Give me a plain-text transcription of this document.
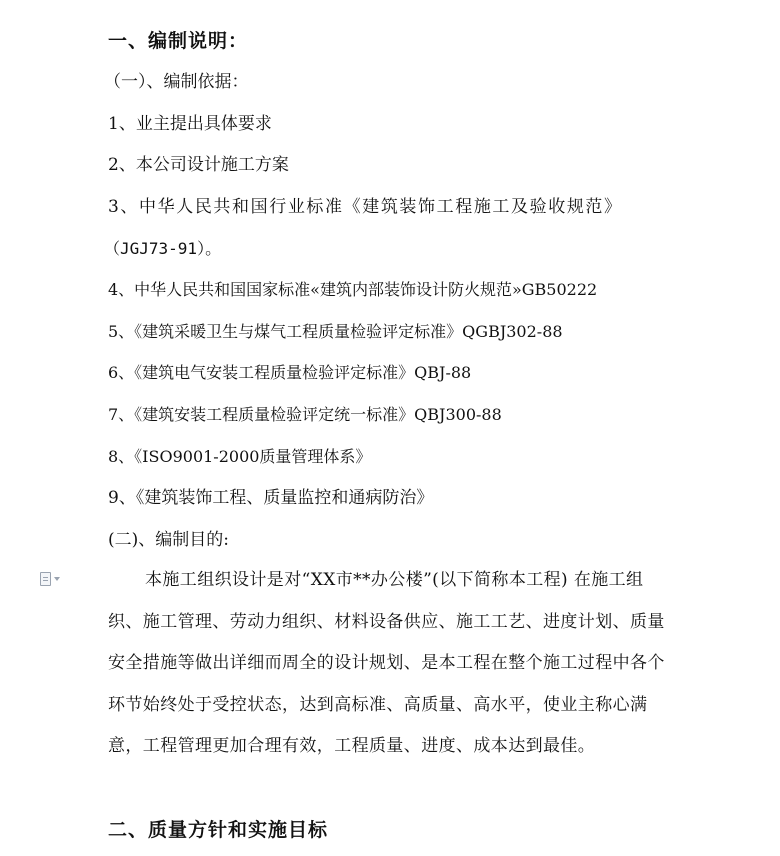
一、编制说明：
（一）、编制依据：
1、业主提出具体要求
2、本公司设计施工方案
3、中华人民共和国行业标准《建筑装饰工程施工及验收规范》
（JGJ73-91）。
4、中华人民共和国国家标准«建筑内部装饰设计防火规范»GB50222
5、《建筑采暖卫生与煤气工程质量检验评定标准》QGBJ302-88
6、《建筑电气安装工程质量检验评定标准》QBJ-88
7、《建筑安装工程质量检验评定统一标准》QBJ300-88
8、《ISO9001-2000质量管理体系》
9、《建筑装饰工程、质量监控和通病防治》
(二)、编制目的:
本施工组织设计是对“XX市**办公楼”(以下简称本工程) 在施工组织、施工管理、劳动力组织、材料设备供应、施工工艺、进度计划、质量安全措施等做出详细而周全的设计规划、是本工程在整个施工过程中各个环节始终处于受控状态，达到高标准、高质量、高水平，使业主称心满意，工程管理更加合理有效，工程质量、进度、成本达到最佳。
二、质量方针和实施目标
